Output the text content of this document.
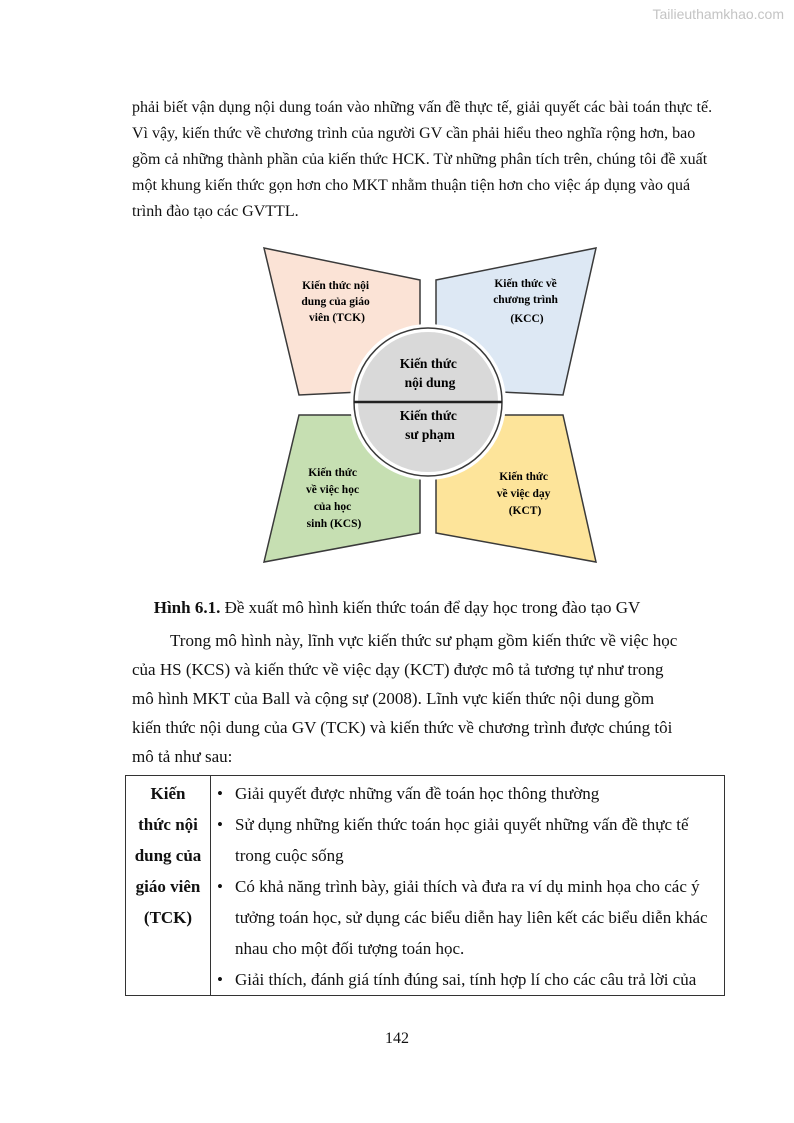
Tailieuthamkhao.com
phải biết vận dụng nội dung toán vào những vấn đề thực tế, giải quyết các bài toán thực tế.
Vì vậy, kiến thức về chương trình của người GV cần phải hiểu theo nghĩa rộng hơn, bao
gồm cả những thành phần của kiến thức HCK. Từ những phân tích trên, chúng tôi đề xuất
một khung kiến thức gọn hơn cho MKT nhằm thuận tiện hơn cho việc áp dụng vào quá
trình đào tạo các GVTTL.
Kiến thức nội dung của giáo viên (TCK)
Kiến thức về chương trình (KCC)
Kiến thức về việc học của học sinh (KCS)
Kiến thức về việc dạy (KCT)
Kiến thức nội dung
Kiến thức sư phạm
Hình 6.1. Đề xuất mô hình kiến thức toán để dạy học trong đào tạo GV
Trong mô hình này, lĩnh vực kiến thức sư phạm gồm kiến thức về việc học
của HS (KCS) và kiến thức về việc dạy (KCT) được mô tả tương tự như trong
mô hình MKT của Ball và cộng sự (2008). Lĩnh vực kiến thức nội dung gồm
kiến thức nội dung của GV (TCK) và kiến thức về chương trình được chúng tôi
mô tả như sau:
Kiến
thức nội
dung của
giáo viên
(TCK)

• Giải quyết được những vấn đề toán học thông thường
• Sử dụng những kiến thức toán học giải quyết những vấn đề thực tế
trong cuộc sống
• Có khả năng trình bày, giải thích và đưa ra ví dụ minh họa cho các ý
tưởng toán học, sử dụng các biểu diễn hay liên kết các biểu diễn khác
nhau cho một đối tượng toán học.
• Giải thích, đánh giá tính đúng sai, tính hợp lí cho các câu trả lời của
142
